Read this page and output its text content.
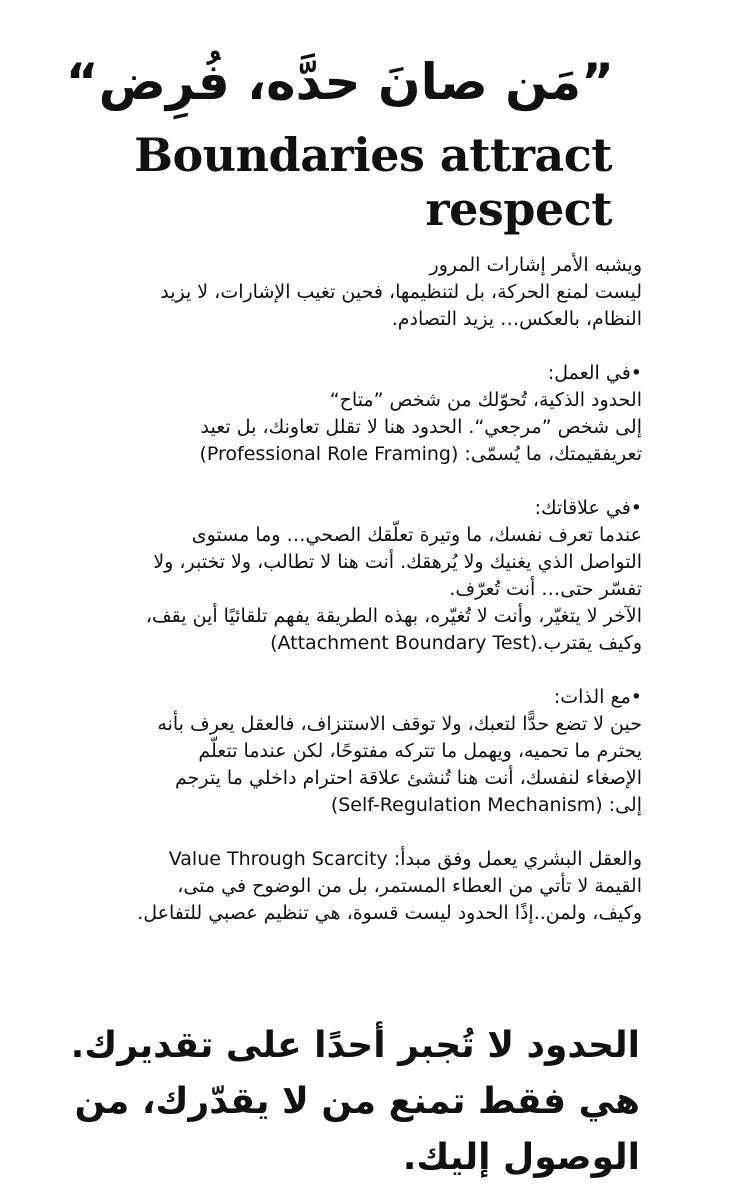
”مَن صانَ حدَّه، فُرِض“
Boundaries attract
respect
ويشبه الأمر إشارات المرور
ليست لمنع الحركة، بل لتنظيمها، فحين تغيب الإشارات، لا يزيد
النظام، بالعكس… يزيد التصادم.
•في العمل:
الحدود الذكية، تُحوّلك من شخص ”متاح“
إلى شخص ”مرجعي“. الحدود هنا لا تقلل تعاونك، بل تعيد
تعريفقيمتك، ما يُسمّى: (Professional Role Framing)
•في علاقاتك:
عندما تعرف نفسك، ما وتيرة تعلّقك الصحي… وما مستوى
التواصل الذي يغنيك ولا يُرهقك. أنت هنا لا تطالب، ولا تختبر، ولا
تفسّر حتى… أنت تُعرّف.
الآخر لا يتغيّر، وأنت لا تُغيّره، بهذه الطريقة يفهم تلقائيًا أين يقف،
وكيف يقترب.(Attachment Boundary Test)
•مع الذات:
حين لا تضع حدًّا لتعبك، ولا توقف الاستنزاف، فالعقل يعرف بأنه
يحترم ما تحميه، ويهمل ما تتركه مفتوحًا، لكن عندما تتعلّم
الإصغاء لنفسك، أنت هنا تُنشئ علاقة احترام داخلي ما يترجم
إلى: (Self-Regulation Mechanism)
والعقل البشري يعمل وفق مبدأ: Value Through Scarcity
القيمة لا تأتي من العطاء المستمر، بل من الوضوح في متى،
وكيف، ولمن..إذًا الحدود ليست قسوة، هي تنظيم عصبي للتفاعل.
الحدود لا تُجبر أحدًا على تقديرك.
هي فقط تمنع من لا يقدّرك، من
الوصول إليك.
